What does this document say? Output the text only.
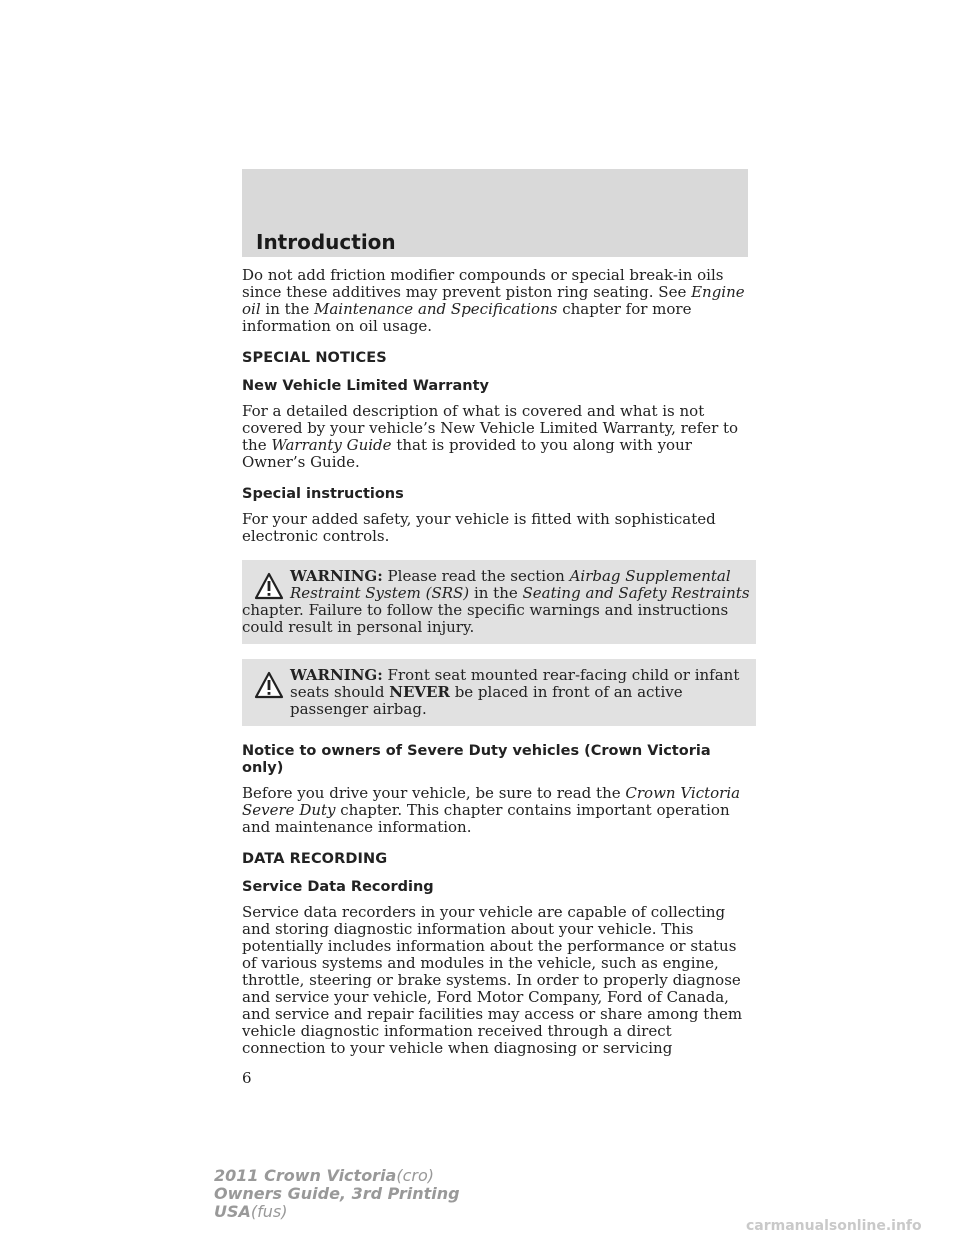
Introduction

Do not add friction modifier compounds or special break-in oils since these additives may prevent piston ring seating. See Engine oil in the Maintenance and Specifications chapter for more information on oil usage.

SPECIAL NOTICES
New Vehicle Limited Warranty

For a detailed description of what is covered and what is not covered by your vehicle’s New Vehicle Limited Warranty, refer to the Warranty Guide that is provided to you along with your Owner’s Guide.

Special instructions

For your added safety, your vehicle is fitted with sophisticated electronic controls.

WARNING: Please read the section Airbag Supplemental Restraint System (SRS) in the Seating and Safety Restraints
chapter. Failure to follow the specific warnings and instructions could result in personal injury.

WARNING: Front seat mounted rear-facing child or infant seats should NEVER be placed in front of an active passenger airbag.

Notice to owners of Severe Duty vehicles (Crown Victoria only)

Before you drive your vehicle, be sure to read the Crown Victoria Severe Duty chapter. This chapter contains important operation and maintenance information.

DATA RECORDING
Service Data Recording

Service data recorders in your vehicle are capable of collecting and storing diagnostic information about your vehicle. This potentially includes information about the performance or status of various systems and modules in the vehicle, such as engine, throttle, steering or brake systems. In order to properly diagnose and service your vehicle, Ford Motor Company, Ford of Canada, and service and repair facilities may access or share among them vehicle diagnostic information received through a direct connection to your vehicle when diagnosing or servicing

6
2011 Crown Victoria(cro)
Owners Guide, 3rd Printing
USA(fus)
carmanualsonline.info
